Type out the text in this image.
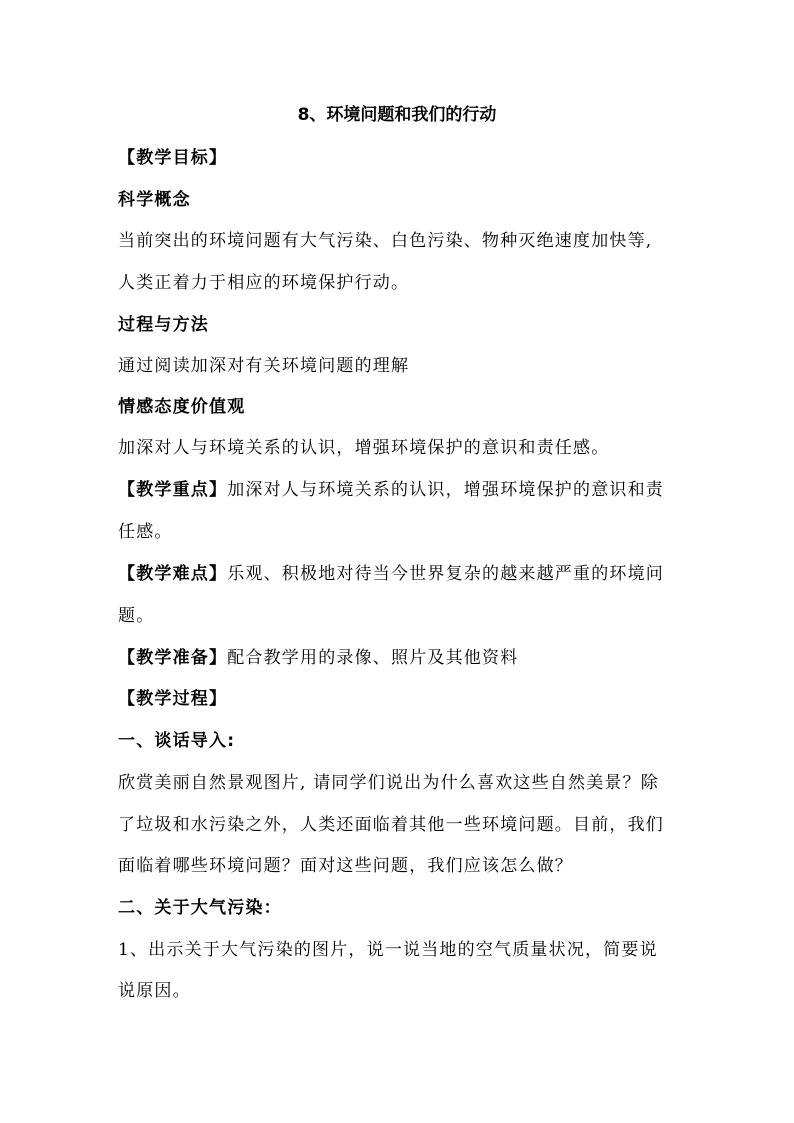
8、环境问题和我们的行动

【教学目标】

科学概念

当前突出的环境问题有大气污染、白色污染、物种灭绝速度加快等,

人类正着力于相应的环境保护行动。

过程与方法

通过阅读加深对有关环境问题的理解

情感态度价值观

加深对人与环境关系的认识，增强环境保护的意识和责任感。

【教学重点】加深对人与环境关系的认识，增强环境保护的意识和责

任感。

【教学难点】乐观、积极地对待当今世界复杂的越来越严重的环境问

题。

【教学准备】配合教学用的录像、照片及其他资料

【教学过程】

一、谈话导入:

欣赏美丽自然景观图片, 请同学们说出为什么喜欢这些自然美景？除

了垃圾和水污染之外，人类还面临着其他一些环境问题。目前，我们

面临着哪些环境问题？面对这些问题，我们应该怎么做？

二、关于大气污染：

1、出示关于大气污染的图片，说一说当地的空气质量状况，简要说

说原因。
